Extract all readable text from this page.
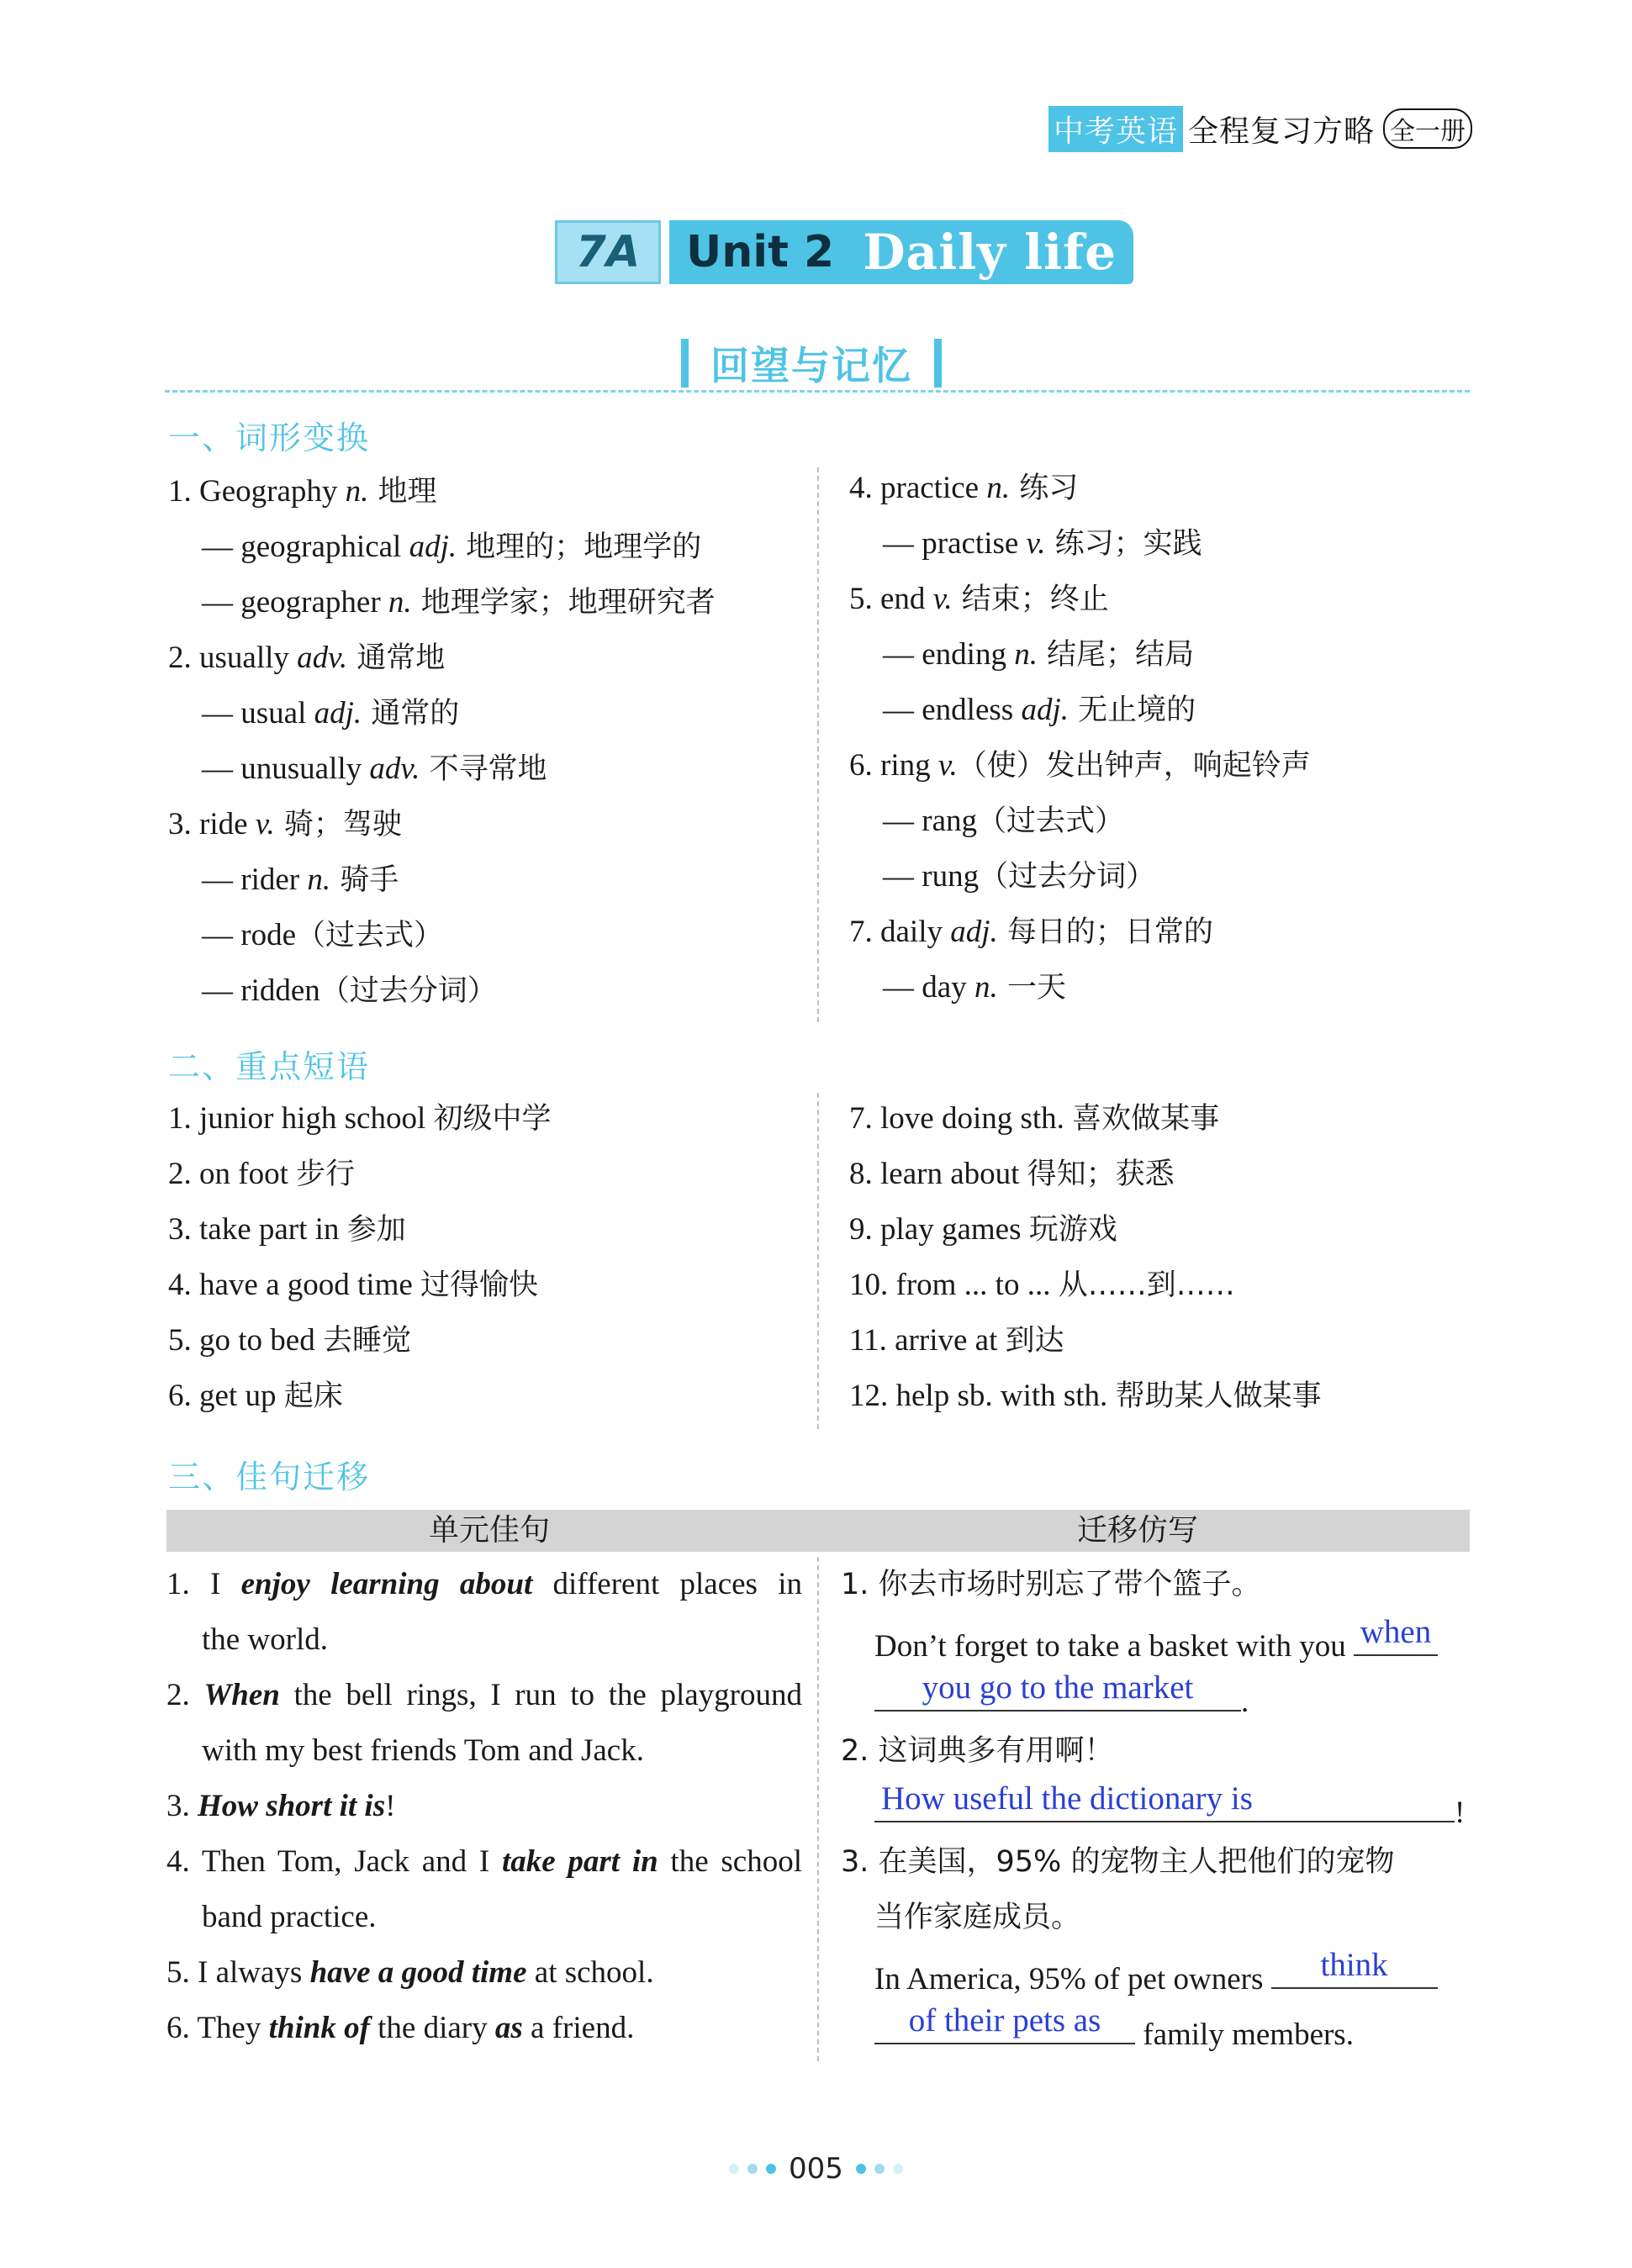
中考英语 全程复习方略 全一册
7A	Unit 2 Daily life
回望与记忆
一、词形变换
1. Geography n. 地理
— geographical adj. 地理的；地理学的
— geographer n. 地理学家；地理研究者
2. usually adv. 通常地
— usual adj. 通常的
— unusually adv. 不寻常地
3. ride v. 骑；驾驶
— rider n. 骑手
— rode（过去式）
— ridden（过去分词）
4. practice n. 练习
— practise v. 练习；实践
5. end v. 结束；终止
— ending n. 结尾；结局
— endless adj. 无止境的
6. ring v.（使）发出钟声，响起铃声
— rang（过去式）
— rung（过去分词）
7. daily adj. 每日的；日常的
— day n. 一天
二、重点短语
1. junior high school 初级中学
2. on foot 步行
3. take part in 参加
4. have a good time 过得愉快
5. go to bed 去睡觉
6. get up 起床
7. love doing sth. 喜欢做某事
8. learn about 得知；获悉
9. play games 玩游戏
10. from ... to ... 从……到……
11. arrive at 到达
12. help sb. with sth. 帮助某人做某事
三、佳句迁移
单元佳句	迁移仿写
1. I enjoy learning about different places in
the world.
2. When the bell rings, I run to the playground
with my best friends Tom and Jack.
3. How short it is!
4. Then Tom, Jack and I take part in the school
band practice.
5. I always have a good time at school.
6. They think of the diary as a friend.
1. 你去市场时别忘了带个篮子。
Don’t forget to take a basket with you when
you go to the market	.
2. 这词典多有用啊！
How useful the dictionary is	!
3. 在美国，95% 的宠物主人把他们的宠物
当作家庭成员。
In America, 95% of pet owners	think
of their pets as	family members.
005
